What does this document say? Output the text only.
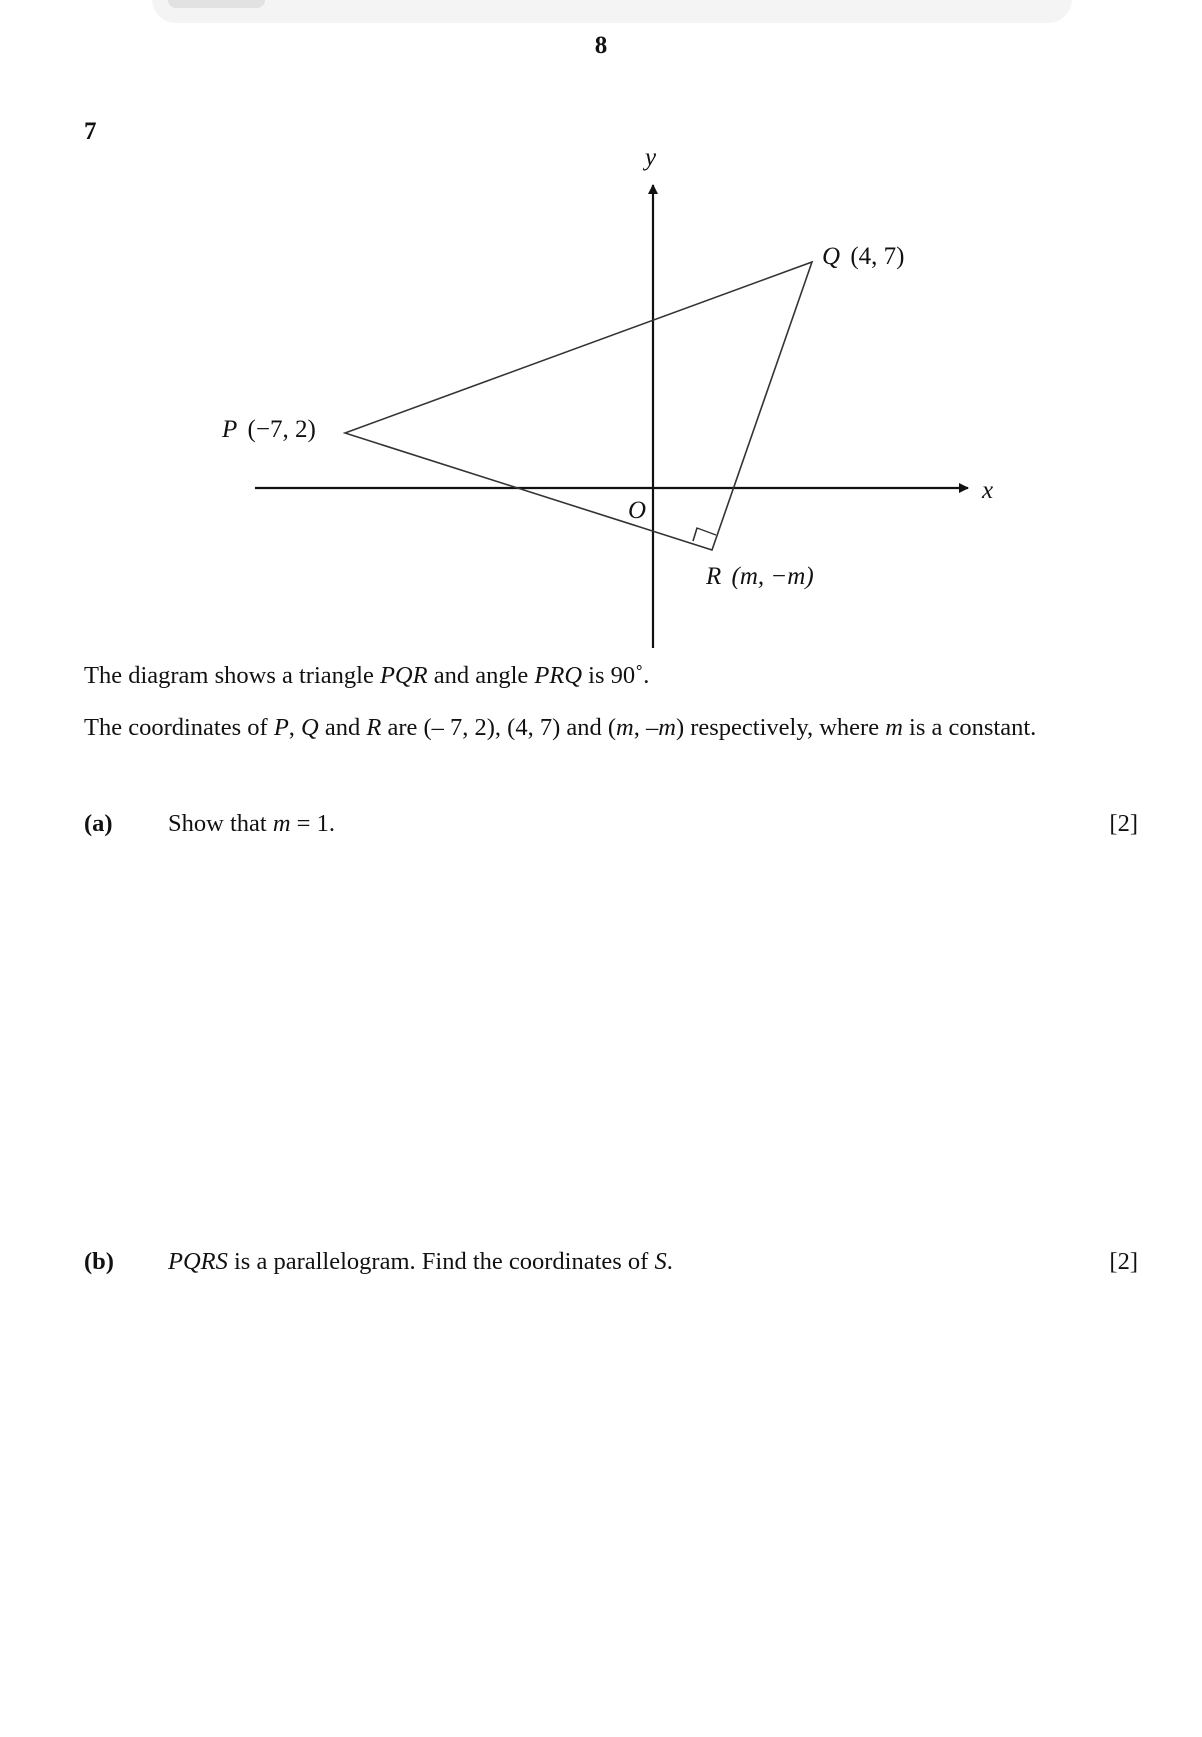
8
7
y
x
O
Q (4, 7)
P (−7, 2)
R (m, −m)
The diagram shows a triangle PQR and angle PRQ is 90˚.
The coordinates of P, Q and R are (– 7, 2), (4, 7) and (m, –m) respectively, where m is a constant.
(a) Show that m = 1.	[2]
(b) PQRS is a parallelogram. Find the coordinates of S.	[2]
